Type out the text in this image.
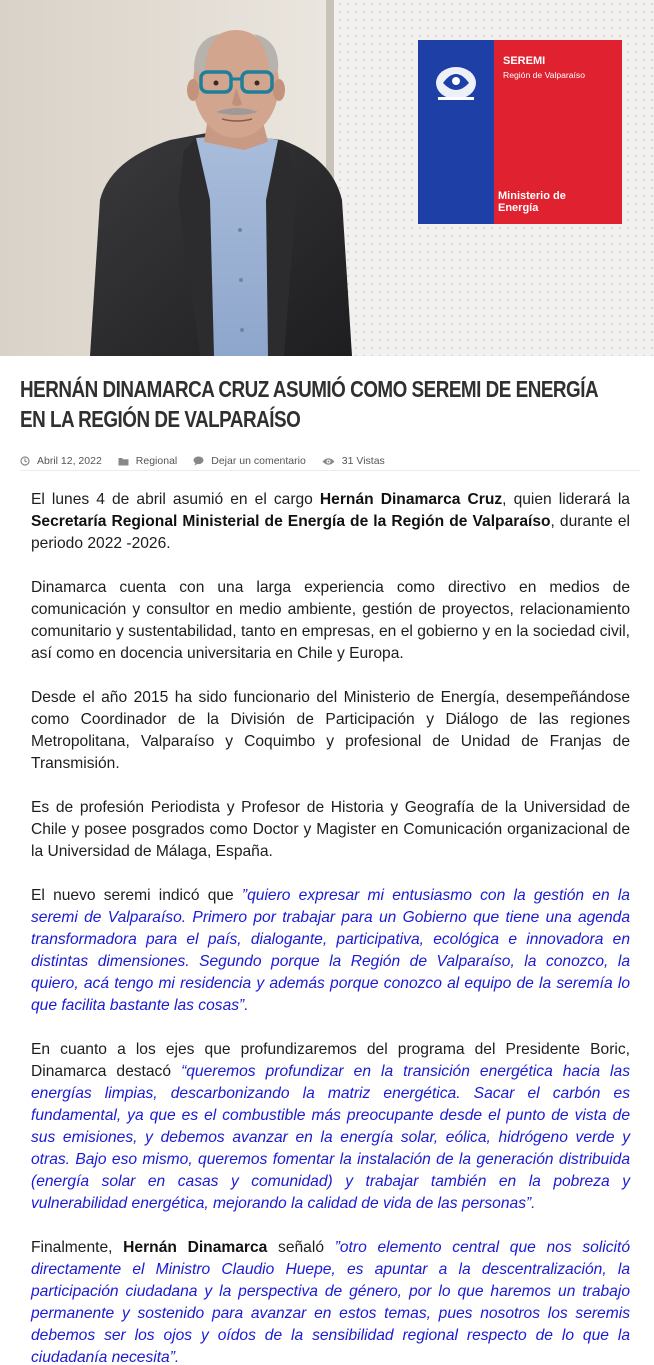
SEREMI
Región de Valparaíso
Ministerio de
Energía
HERNÁN DINAMARCA CRUZ ASUMIÓ COMO SEREMI DE ENERGÍA EN LA REGIÓN DE VALPARAÍSO
Abril 12, 2022	Regional	Dejar un comentario	31 Vistas

El lunes 4 de abril asumió en el cargo Hernán Dinamarca Cruz, quien liderará la Secretaría Regional Ministerial de Energía de la Región de Valparaíso, durante el periodo 2022 -2026.

Dinamarca cuenta con una larga experiencia como directivo en medios de comunicación y consultor en medio ambiente, gestión de proyectos, relacionamiento comunitario y sustentabilidad, tanto en empresas, en el gobierno y en la sociedad civil, así como en docencia universitaria en Chile y Europa.

Desde el año 2015 ha sido funcionario del Ministerio de Energía, desempeñándose como Coordinador de la División de Participación y Diálogo de las regiones Metropolitana, Valparaíso y Coquimbo y profesional de Unidad de Franjas de Transmisión.

Es de profesión Periodista y Profesor de Historia y Geografía de la Universidad de Chile y posee posgrados como Doctor y Magister en Comunicación organizacional de la Universidad de Málaga, España.

El nuevo seremi indicó que ”quiero expresar mi entusiasmo con la gestión en la seremi de Valparaíso. Primero por trabajar para un Gobierno que tiene una agenda transformadora para el país, dialogante, participativa, ecológica e innovadora en distintas dimensiones. Segundo porque la Región de Valparaíso, la conozco, la quiero, acá tengo mi residencia y además porque conozco al equipo de la seremía lo que facilita bastante las cosas”.

En cuanto a los ejes que profundizaremos del programa del Presidente Boric, Dinamarca destacó “queremos profundizar en la transición energética hacia las energías limpias, descarbonizando la matriz energética. Sacar el carbón es fundamental, ya que es el combustible más preocupante desde el punto de vista de sus emisiones, y debemos avanzar en la energía solar, eólica, hidrógeno verde y otras. Bajo eso mismo, queremos fomentar la instalación de la generación distribuida (energía solar en casas y comunidad) y trabajar también en la pobreza y vulnerabilidad energética, mejorando la calidad de vida de las personas”.

Finalmente, Hernán Dinamarca señaló ”otro elemento central que nos solicitó directamente el Ministro Claudio Huepe, es apuntar a la descentralización, la participación ciudadana y la perspectiva de género, por lo que haremos un trabajo permanente y sostenido para avanzar en estos temas, pues nosotros los seremis debemos ser los ojos y oídos de la sensibilidad regional respecto de lo que la ciudadanía necesita”.
